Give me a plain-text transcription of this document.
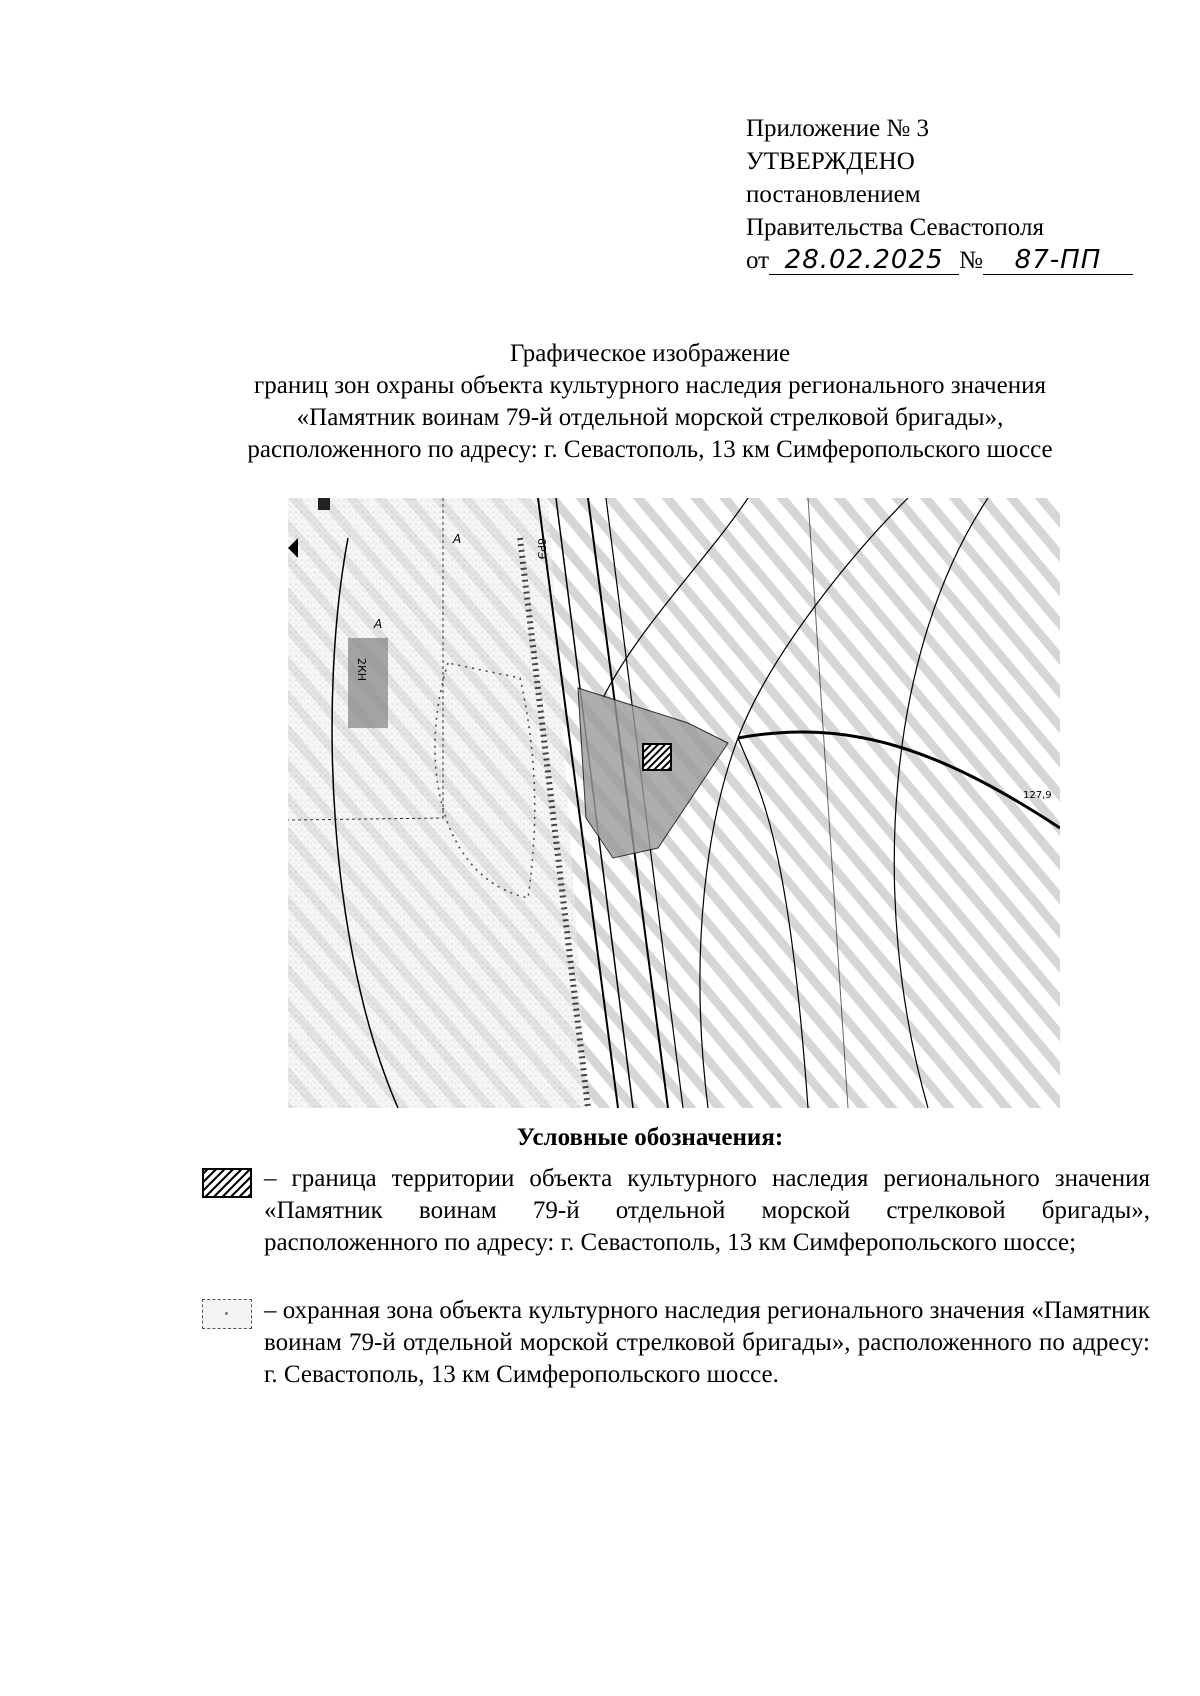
Приложение № 3
УТВЕРЖДЕНО
постановлением
Правительства Севастополя
от 28.02.2025 № 87-ПП
Графическое изображение
границ зон охраны объекта культурного наследия регионального значения
«Памятник воинам 79-й отдельной морской стрелковой бригады»,
расположенного по адресу: г. Севастополь, 13 км Симферопольского шоссе
2КН
6РЭ
А
А
127,9
Условные обозначения:
– граница территории объекта культурного наследия регионального значения «Памятник воинам 79-й отдельной морской стрелковой бригады», расположенного по адресу: г. Севастополь, 13 км Симферопольского шоссе;
– охранная зона объекта культурного наследия регионального значения «Памятник воинам 79-й отдельной морской стрелковой бригады», расположенного по адресу: г. Севастополь, 13 км Симферопольского шоссе.
